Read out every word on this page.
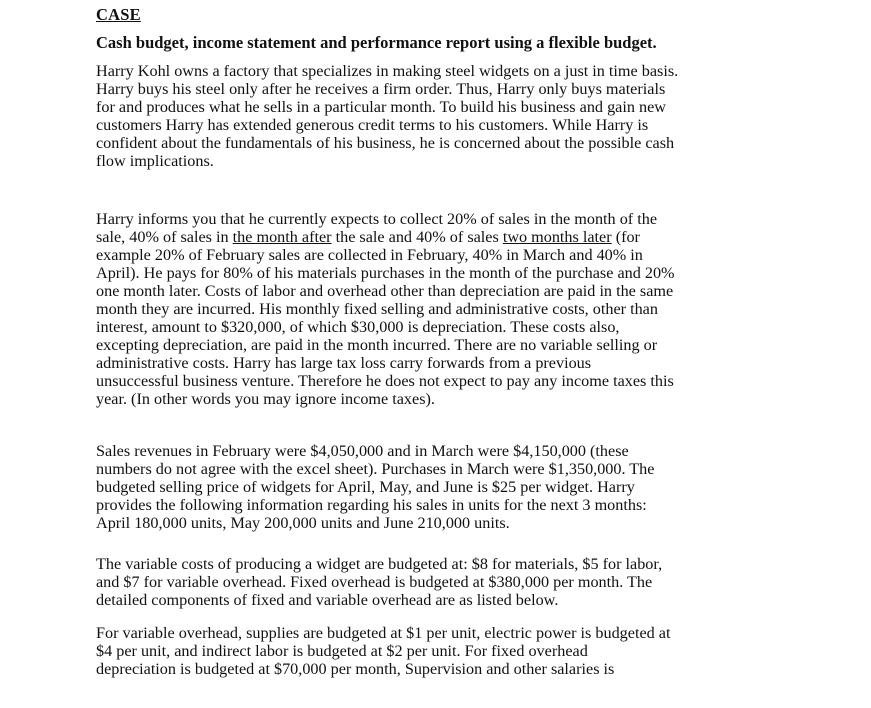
CASE
Cash budget, income statement and performance report using a flexible budget.
Harry Kohl owns a factory that specializes in making steel widgets on a just in time basis.
Harry buys his steel only after he receives a firm order. Thus, Harry only buys materials
for and produces what he sells in a particular month. To build his business and gain new
customers Harry has extended generous credit terms to his customers. While Harry is
confident about the fundamentals of his business, he is concerned about the possible cash
flow implications.
Harry informs you that he currently expects to collect 20% of sales in the month of the
sale, 40% of sales in the month after the sale and 40% of sales two months later (for
example 20% of February sales are collected in February, 40% in March and 40% in
April). He pays for 80% of his materials purchases in the month of the purchase and 20%
one month later. Costs of labor and overhead other than depreciation are paid in the same
month they are incurred. His monthly fixed selling and administrative costs, other than
interest, amount to $320,000, of which $30,000 is depreciation. These costs also,
excepting depreciation, are paid in the month incurred. There are no variable selling or
administrative costs. Harry has large tax loss carry forwards from a previous
unsuccessful business venture. Therefore he does not expect to pay any income taxes this
year. (In other words you may ignore income taxes).
Sales revenues in February were $4,050,000 and in March were $4,150,000 (these
numbers do not agree with the excel sheet). Purchases in March were $1,350,000. The
budgeted selling price of widgets for April, May, and June is $25 per widget. Harry
provides the following information regarding his sales in units for the next 3 months:
April 180,000 units, May 200,000 units and June 210,000 units.
The variable costs of producing a widget are budgeted at: $8 for materials, $5 for labor,
and $7 for variable overhead. Fixed overhead is budgeted at $380,000 per month. The
detailed components of fixed and variable overhead are as listed below.
For variable overhead, supplies are budgeted at $1 per unit, electric power is budgeted at
$4 per unit, and indirect labor is budgeted at $2 per unit. For fixed overhead
depreciation is budgeted at $70,000 per month, Supervision and other salaries is
